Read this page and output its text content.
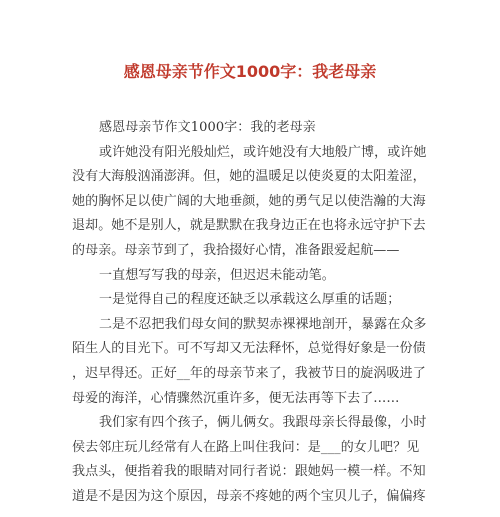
感恩母亲节作文1000字：我老母亲
感恩母亲节作文1000字：我的老母亲
或许她没有阳光般灿烂，或许她没有大地般广博，或许她
没有大海般汹涌澎湃。但，她的温暖足以使炎夏的太阳羞涩，
她的胸怀足以使广阔的大地垂颜，她的勇气足以使浩瀚的大海
退却。她不是别人，就是默默在我身边正在也将永远守护下去
的母亲。母亲节到了，我拾掇好心情，准备跟爱起航——
一直想写写我的母亲，但迟迟未能动笔。
一是觉得自己的程度还缺乏以承载这么厚重的话题；
二是不忍把我们母女间的默契赤裸裸地剖开，暴露在众多
陌生人的目光下。可不写却又无法释怀，总觉得好象是一份债
，迟早得还。正好__年的母亲节来了，我被节日的旋涡吸进了
母爱的海洋，心情骤然沉重许多，便无法再等下去了……
我们家有四个孩子，俩儿俩女。我跟母亲长得最像，小时
侯去邻庄玩儿经常有人在路上叫住我问：是___的女儿吧？见
我点头，便指着我的眼睛对同行者说：跟她妈一模一样。不知
道是不是因为这个原因，母亲不疼她的两个宝贝儿子，偏偏疼
